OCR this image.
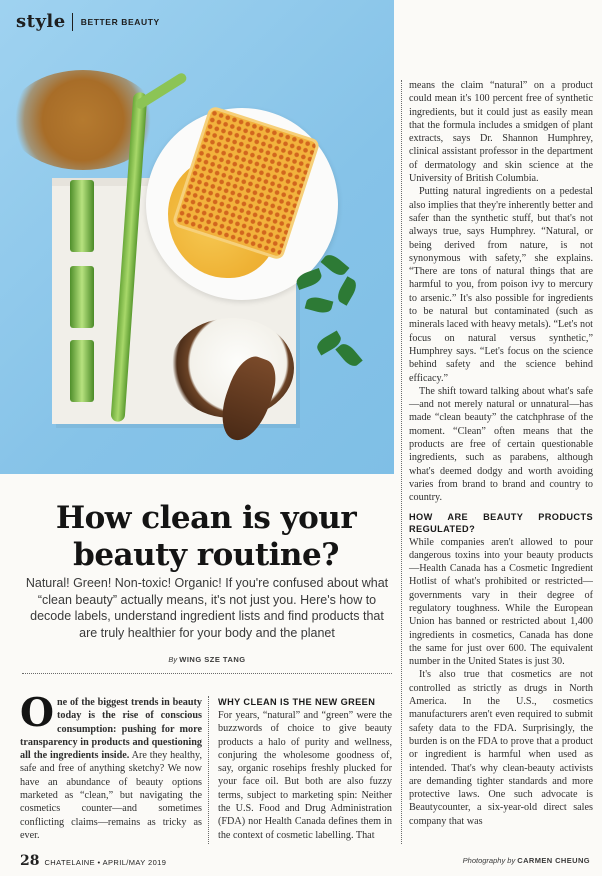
style BETTER BEAUTY
How clean is your
beauty routine?
Natural! Green! Non-toxic! Organic! If you're confused about what “clean beauty” actually means, it's not just you. Here's how to decode labels, understand ingredient lists and find products that are truly healthier for your body and the planet
By WING SZE TANG

One of the biggest trends in beauty today is the rise of conscious consumption: pushing for more transparency in products and questioning all the ingredients inside. Are they healthy, safe and free of anything sketchy? We now have an abundance of beauty options marketed as “clean,” but navigating the cosmetics counter—and sometimes conflicting claims—remains as tricky as ever.

WHY CLEAN IS THE NEW GREEN

For years, “natural” and “green” were the buzzwords of choice to give beauty products a halo of purity and wellness, conjuring the wholesome goodness of, say, organic rosehips freshly plucked for your face oil. But both are also fuzzy terms, subject to marketing spin: Neither the U.S. Food and Drug Administration (FDA) nor Health Canada defines them in the context of cosmetic labelling. That

means the claim “natural” on a product could mean it's 100 percent free of synthetic ingredients, but it could just as easily mean that the formula includes a smidgen of plant extracts, says Dr. Shannon Humphrey, clinical assistant professor in the department of dermatology and skin science at the University of British Columbia.

Putting natural ingredients on a pedestal also implies that they're inherently better and safer than the synthetic stuff, but that's not always true, says Humphrey. “Natural, or being derived from nature, is not synonymous with safety,” she explains. “There are tons of natural things that are harmful to you, from poison ivy to mercury to arsenic.” It's also possible for ingredients to be natural but contaminated (such as minerals laced with heavy metals). “Let's not focus on natural versus synthetic,” Humphrey says. “Let's focus on the science behind safety and the science behind efficacy.”

The shift toward talking about what's safe—and not merely natural or unnatural—has made “clean beauty” the catchphrase of the moment. “Clean” often means that the products are free of certain questionable ingredients, such as parabens, although what's deemed dodgy and worth avoiding varies from brand to brand and country to country.

HOW ARE BEAUTY PRODUCTS REGULATED?

While companies aren't allowed to pour dangerous toxins into your beauty products—Health Canada has a Cosmetic Ingredient Hotlist of what's prohibited or restricted—governments vary in their degree of regulatory toughness. While the European Union has banned or restricted about 1,400 ingredients in cosmetics, Canada has done the same for just over 600. The equivalent number in the United States is just 30.

It's also true that cosmetics are not controlled as strictly as drugs in North America. In the U.S., cosmetics manufacturers aren't even required to submit safety data to the FDA. Surprisingly, the burden is on the FDA to prove that a product or ingredient is harmful when used as intended. That's why clean-beauty activists are demanding tighter standards and more protective laws. One such advocate is Beautycounter, a six-year-old direct sales company that was

28 CHATELAINE • APRIL/MAY 2019	Photography by CARMEN CHEUNG
